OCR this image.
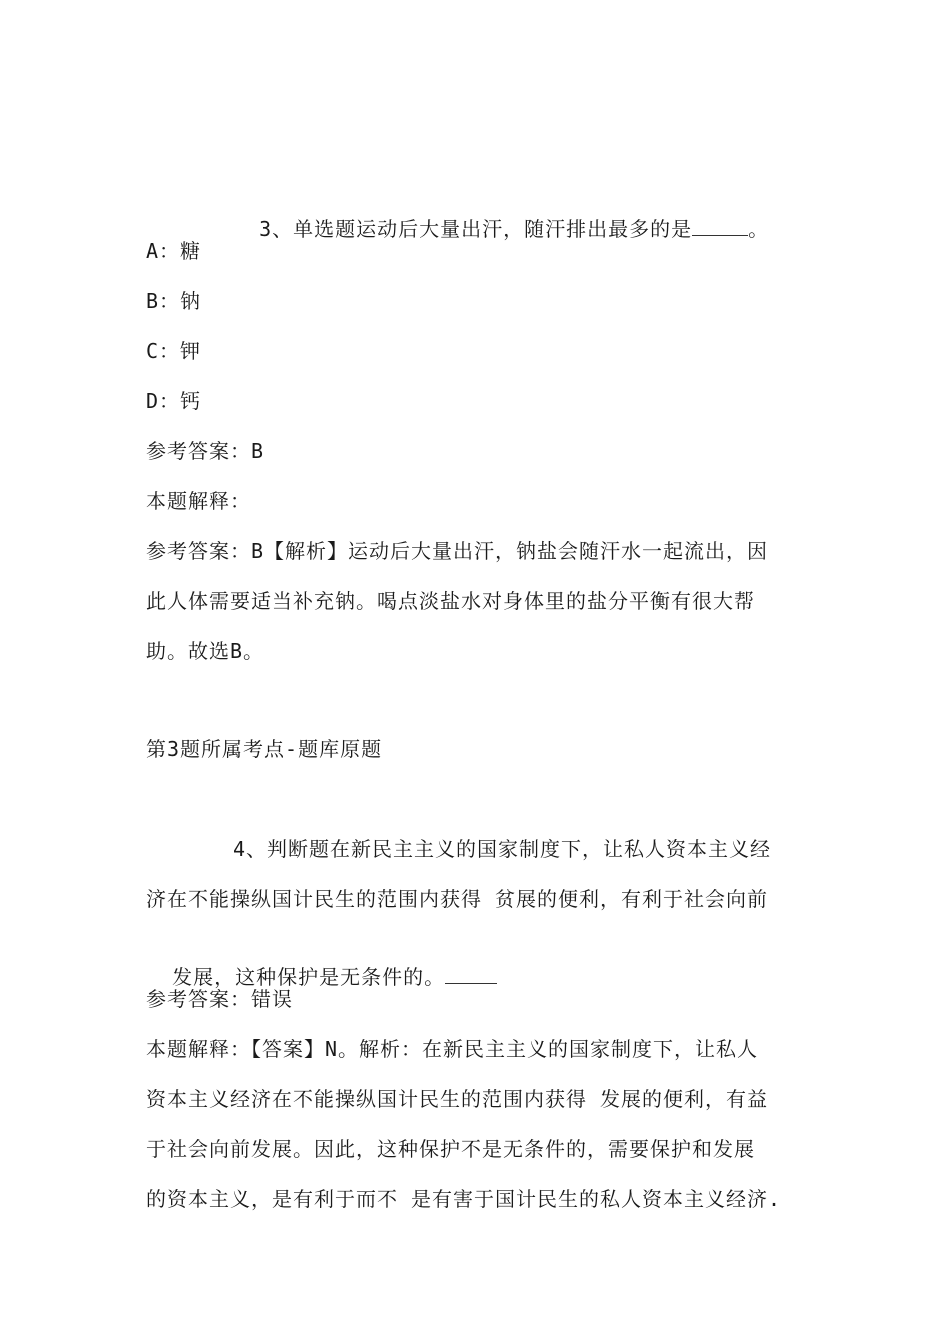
3、单选题运动后大量出汗，随汗排出最多的是	。

A：糖
B：钠
C：钾
D：钙
参考答案：B
本题解释：
参考答案：B【解析】运动后大量出汗，钠盐会随汗水一起流出，因
此人体需要适当补充钠。喝点淡盐水对身体里的盐分平衡有很大帮
助。故选B。
第3题所属考点-题库原题
4、判断题在新民主主义的国家制度下，让私人资本主义经
济在不能操纵国计民生的范围内获得 贫展的便利，有利于社会向前

发展，这种保护是无条件的。

参考答案：错误
本题解释：【答案】N。解析：在新民主主义的国家制度下，让私人
资本主义经济在不能操纵国计民生的范围内获得 发展的便利，有益
于社会向前发展。因此，这种保护不是无条件的，需要保护和发展
的资本主义，是有利于而不 是有害于国计民生的私人资本主义经济.
